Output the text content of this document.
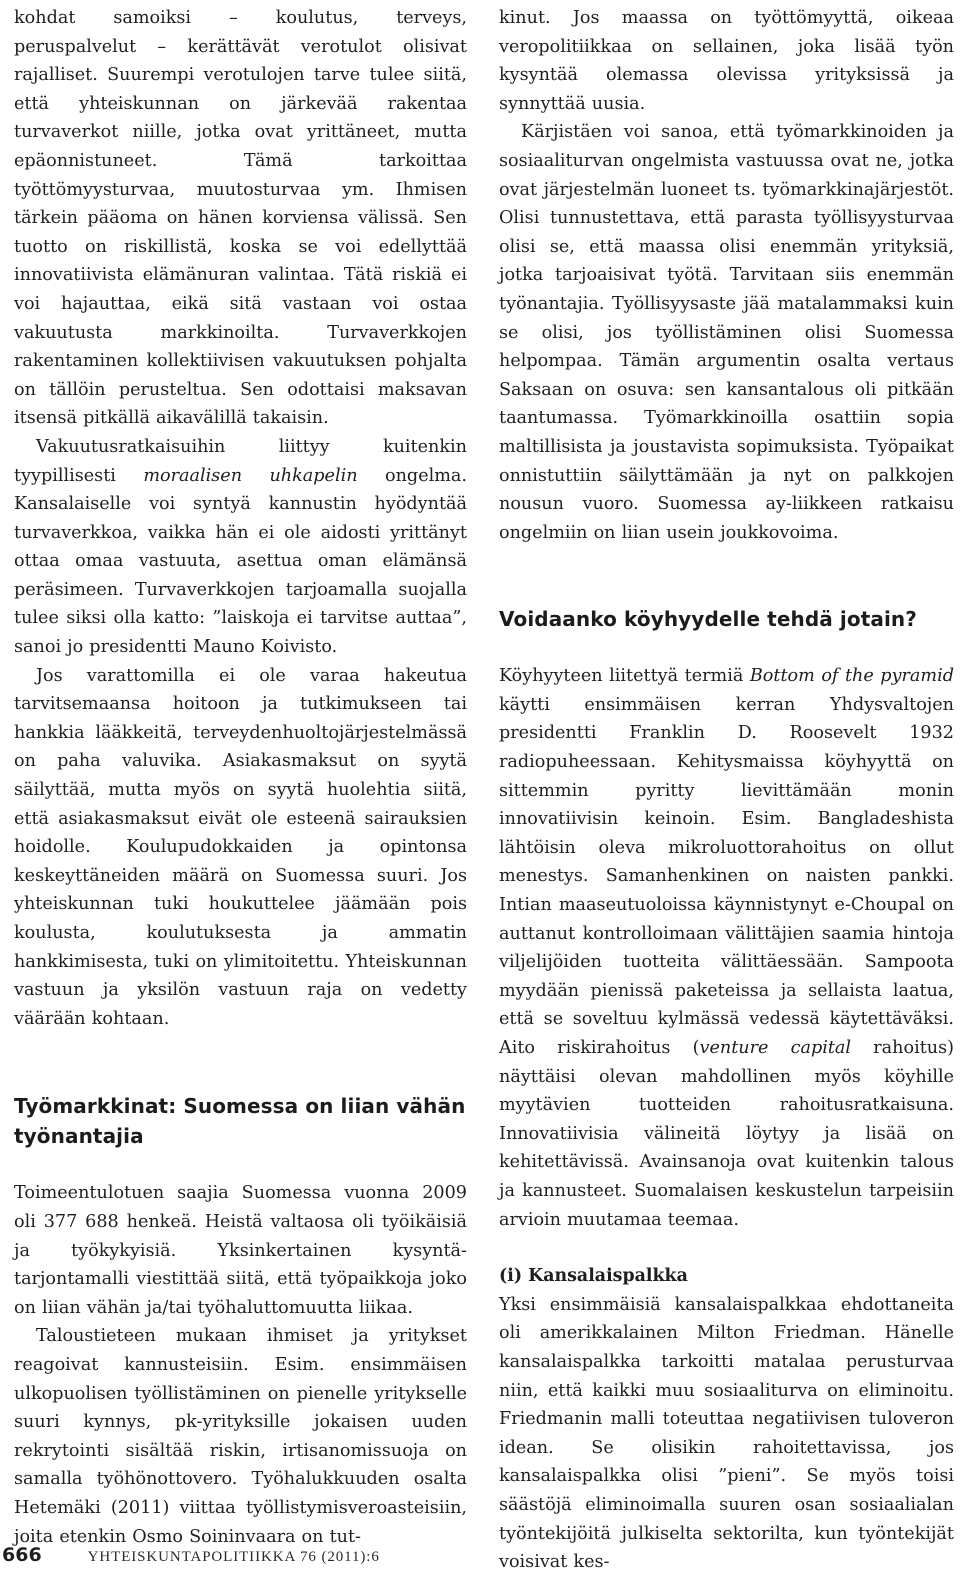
kohdat samoiksi – koulutus, terveys, peruspalvelut – kerättävät verotulot olisivat rajalliset. Suurempi verotulojen tarve tulee siitä, että yhteiskunnan on järkevää rakentaa turvaverkot niille, jotka ovat yrittäneet, mutta epäonnistuneet. Tämä tarkoittaa työttömyysturvaa, muutosturvaa ym. Ihmisen tärkein pääoma on hänen korviensa välissä. Sen tuotto on riskillistä, koska se voi edellyttää innovatiivista elämänuran valintaa. Tätä riskiä ei voi hajauttaa, eikä sitä vastaan voi ostaa vakuutusta markkinoilta. Turvaverkkojen rakentaminen kollektiivisen vakuutuksen pohjalta on tällöin perusteltua. Sen odottaisi maksavan itsensä pitkällä aikavälillä takaisin.

Vakuutusratkaisuihin liittyy kuitenkin tyypillisesti moraalisen uhkapelin ongelma. Kansalaiselle voi syntyä kannustin hyödyntää turvaverkkoa, vaikka hän ei ole aidosti yrittänyt ottaa omaa vastuuta, asettua oman elämänsä peräsimeen. Turvaverkkojen tarjoamalla suojalla tulee siksi olla katto: ”laiskoja ei tarvitse auttaa”, sanoi jo presidentti Mauno Koivisto.

Jos varattomilla ei ole varaa hakeutua tarvitsemaansa hoitoon ja tutkimukseen tai hankkia lääkkeitä, terveydenhuoltojärjestelmässä on paha valuvika. Asiakasmaksut on syytä säilyttää, mutta myös on syytä huolehtia siitä, että asiakasmaksut eivät ole esteenä sairauksien hoidolle. Koulupudokkaiden ja opintonsa keskeyttäneiden määrä on Suomessa suuri. Jos yhteiskunnan tuki houkuttelee jäämään pois koulusta, koulutuksesta ja ammatin hankkimisesta, tuki on ylimitoitettu. Yhteiskunnan vastuun ja yksilön vastuun raja on vedetty väärään kohtaan.

Työmarkkinat: Suomessa on liian vähän työnantajia

Toimeentulotuen saajia Suomessa vuonna 2009 oli 377 688 henkeä. Heistä valtaosa oli työikäisiä ja työkykyisiä. Yksinkertainen kysyntä-tarjontamalli viestittää siitä, että työpaikkoja joko on liian vähän ja/tai työhaluttomuutta liikaa.

Taloustieteen mukaan ihmiset ja yritykset reagoivat kannusteisiin. Esim. ensimmäisen ulkopuolisen työllistäminen on pienelle yritykselle suuri kynnys, pk-yrityksille jokaisen uuden rekrytointi sisältää riskin, irtisanomissuoja on samalla työhönottovero. Työhalukkuuden osalta Hetemäki (2011) viittaa työllistymisveroasteisiin, joita etenkin Osmo Soininvaara on tut-

kinut. Jos maassa on työttömyyttä, oikeaa veropolitiikkaa on sellainen, joka lisää työn kysyntää olemassa olevissa yrityksissä ja synnyttää uusia.

Kärjistäen voi sanoa, että työmarkkinoiden ja sosiaaliturvan ongelmista vastuussa ovat ne, jotka ovat järjestelmän luoneet ts. työmarkkinajärjestöt. Olisi tunnustettava, että parasta työllisyysturvaa olisi se, että maassa olisi enemmän yrityksiä, jotka tarjoaisivat työtä. Tarvitaan siis enemmän työnantajia. Työllisyysaste jää matalammaksi kuin se olisi, jos työllistäminen olisi Suomessa helpompaa. Tämän argumentin osalta vertaus Saksaan on osuva: sen kansantalous oli pitkään taantumassa. Työmarkkinoilla osattiin sopia maltillisista ja joustavista sopimuksista. Työpaikat onnistuttiin säilyttämään ja nyt on palkkojen nousun vuoro. Suomessa ay-liikkeen ratkaisu ongelmiin on liian usein joukkovoima.

Voidaanko köyhyydelle tehdä jotain?

Köyhyyteen liitettyä termiä Bottom of the pyramid käytti ensimmäisen kerran Yhdysvaltojen presidentti Franklin D. Roosevelt 1932 radiopuheessaan. Kehitysmaissa köyhyyttä on sittemmin pyritty lievittämään monin innovatiivisin keinoin. Esim. Bangladeshista lähtöisin oleva mikroluottorahoitus on ollut menestys. Samanhenkinen on naisten pankki. Intian maaseutuoloissa käynnistynyt e-Choupal on auttanut kontrolloimaan välittäjien saamia hintoja viljelijöiden tuotteita välittäessään. Sampoota myydään pienissä paketeissa ja sellaista laatua, että se soveltuu kylmässä vedessä käytettäväksi. Aito riskirahoitus (venture capital rahoitus) näyttäisi olevan mahdollinen myös köyhille myytävien tuotteiden rahoitusratkaisuna. Innovatiivisia välineitä löytyy ja lisää on kehitettävissä. Avainsanoja ovat kuitenkin talous ja kannusteet. Suomalaisen keskustelun tarpeisiin arvioin muutamaa teemaa.

(i) Kansalaispalkka

Yksi ensimmäisiä kansalaispalkkaa ehdottaneita oli amerikkalainen Milton Friedman. Hänelle kansalaispalkka tarkoitti matalaa perusturvaa niin, että kaikki muu sosiaaliturva on eliminoitu. Friedmanin malli toteuttaa negatiivisen tuloveron idean. Se olisikin rahoitettavissa, jos kansalaispalkka olisi ”pieni”. Se myös toisi säästöjä eliminoimalla suuren osan sosiaalialan työntekijöitä julkiselta sektorilta, kun työntekijät voisivat kes-

666	YHTEISKUNTAPOLITIIKKA 76 (2011):6
